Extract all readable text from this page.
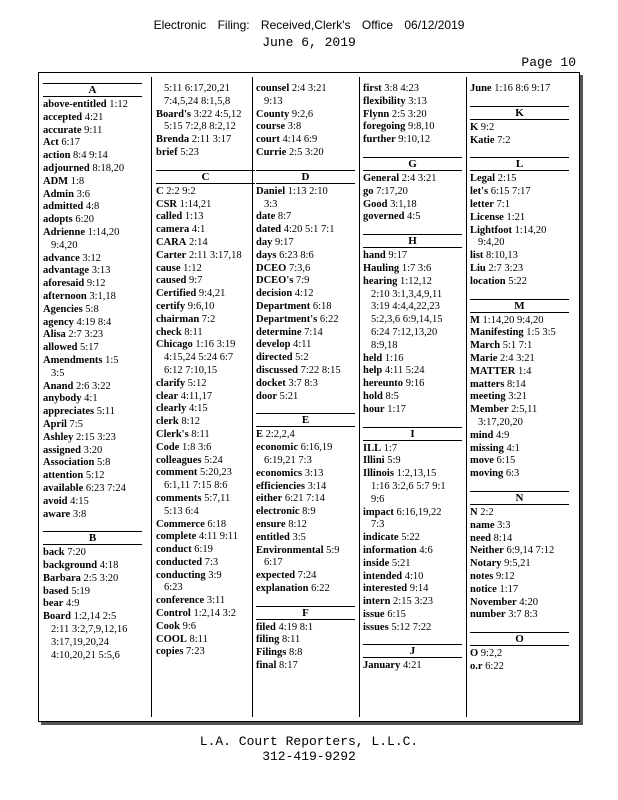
Electronic Filing: Received,Clerk's Office 06/12/2019
June 6, 2019
Page 10
A
above-entitled 1:12
accepted 4:21
accurate 9:11
Act 6:17
action 8:4 9:14
adjourned 8:18,20
ADM 1:8
Admin 3:6
admitted 4:8
adopts 6:20
Adrienne 1:14,20
9:4,20
advance 3:12
advantage 3:13
aforesaid 9:12
afternoon 3:1,18
Agencies 5:8
agency 4:19 8:4
Alisa 2:7 3:23
allowed 5:17
Amendments 1:5
3:5
Anand 2:6 3:22
anybody 4:1
appreciates 5:11
April 7:5
Ashley 2:15 3:23
assigned 3:20
Association 5:8
attention 5:12
available 6:23 7:24
avoid 4:15
aware 3:8
B
back 7:20
background 4:18
Barbara 2:5 3:20
based 5:19
bear 4:9
Board 1:2,14 2:5
2:11 3:2,7,9,12,16
3:17,19,20,24
4:10,20,21 5:5,6
5:11 6:17,20,21
7:4,5,24 8:1,5,8
Board's 3:22 4:5,12
5:15 7:2,8 8:2,12
Brenda 2:11 3:17
brief 5:23
C
C 2:2 9:2
CSR 1:14,21
called 1:13
camera 4:1
CARA 2:14
Carter 2:11 3:17,18
cause 1:12
caused 9:7
Certified 9:4,21
certify 9:6,10
chairman 7:2
check 8:11
Chicago 1:16 3:19
4:15,24 5:24 6:7
6:12 7:10,15
clarify 5:12
clear 4:11,17
clearly 4:15
clerk 8:12
Clerk's 8:11
Code 1:8 3:6
colleagues 5:24
comment 5:20,23
6:1,11 7:15 8:6
comments 5:7,11
5:13 6:4
Commerce 6:18
complete 4:11 9:11
conduct 6:19
conducted 7:3
conducting 3:9
6:23
conference 3:11
Control 1:2,14 3:2
Cook 9:6
COOL 8:11
copies 7:23
counsel 2:4 3:21
9:13
County 9:2,6
course 3:8
court 4:14 6:9
Currie 2:5 3:20
D
Daniel 1:13 2:10
3:3
date 8:7
dated 4:20 5:1 7:1
day 9:17
days 6:23 8:6
DCEO 7:3,6
DCEO's 7:9
decision 4:12
Department 6:18
Department's 6:22
determine 7:14
develop 4:11
directed 5:2
discussed 7:22 8:15
docket 3:7 8:3
door 5:21
E
E 2:2,2,4
economic 6:16,19
6:19,21 7:3
economics 3:13
efficiencies 3:14
either 6:21 7:14
electronic 8:9
ensure 8:12
entitled 3:5
Environmental 5:9
6:17
expected 7:24
explanation 6:22
F
filed 4:19 8:1
filing 8:11
Filings 8:8
final 8:17
first 3:8 4:23
flexibility 3:13
Flynn 2:5 3:20
foregoing 9:8,10
further 9:10,12
G
General 2:4 3:21
go 7:17,20
Good 3:1,18
governed 4:5
H
hand 9:17
Hauling 1:7 3:6
hearing 1:12,12
2:10 3:1,3,4,9,11
3:19 4:4,4,22,23
5:2,3,6 6:9,14,15
6:24 7:12,13,20
8:9,18
held 1:16
help 4:11 5:24
hereunto 9:16
hold 8:5
hour 1:17
I
ILL 1:7
Illini 5:9
Illinois 1:2,13,15
1:16 3:2,6 5:7 9:1
9:6
impact 6:16,19,22
7:3
indicate 5:22
information 4:6
inside 5:21
intended 4:10
interested 9:14
intern 2:15 3:23
issue 6:15
issues 5:12 7:22
J
January 4:21
June 1:16 8:6 9:17
K
K 9:2
Katie 7:2
L
Legal 2:15
let's 6:15 7:17
letter 7:1
License 1:21
Lightfoot 1:14,20
9:4,20
list 8:10,13
Liu 2:7 3:23
location 5:22
M
M 1:14,20 9:4,20
Manifesting 1:5 3:5
March 5:1 7:1
Marie 2:4 3:21
MATTER 1:4
matters 8:14
meeting 3:21
Member 2:5,11
3:17,20,20
mind 4:9
missing 4:1
move 6:15
moving 6:3
N
N 2:2
name 3:3
need 8:14
Neither 6:9,14 7:12
Notary 9:5,21
notes 9:12
notice 1:17
November 4:20
number 3:7 8:3
O
O 9:2,2
o.r 6:22
L.A. Court Reporters, L.L.C.
312-419-9292
